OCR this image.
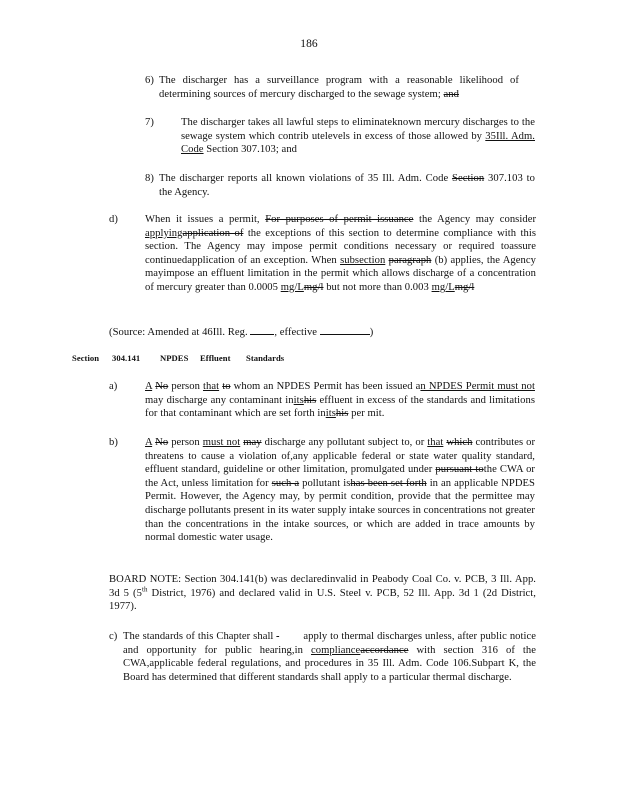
186
6) The discharger has a surveillance program with a reasonable likelihood of determining sources of mercury discharged to the sewage system; and
7)	The discharger takes all lawful steps to eliminateknown mercury discharges to the sewage system which contrib utelevels in excess of those allowed by 35Ill. Adm. Code Section 307.103; and
8) The discharger reports all known violations of 35 Ill. Adm. Code Section 307.103 to the Agency.
d)	When it issues a permit, For purposes of permit issuance the Agency may consider applyingapplication of the exceptions of this section to determine compliance with this section. The Agency may impose permit conditions necessary or required toassure continuedapplication of an exception. When subsection paragraph (b) applies, the Agency mayimpose an effluent limitation in the permit which allows discharge of a concentration of mercury greater than 0.0005 mg/Lmg/l but not more than 0.003 mg/Lmg/l
(Source: Amended at 46Ill. Reg.	, effective	)
Section 304.141 NPDES Effluent Standards
a)	A No person that to whom an NPDES Permit has been issued an NPDES Permit must not may discharge any contaminant initshis effluent in excess of the standards and limitations for that contaminant which are set forth initshis per mit.
b)	A No person must not may discharge any pollutant subject to, or that which contributes or threatens to cause a violation of,any applicable federal or state water quality standard, effluent standard, guideline or other limitation, promulgated under pursuant tothe CWA or the Act, unless limitation for such a pollutant ishas been set forth in an applicable NPDES Permit. However, the Agency may, by permit condition, provide that the permittee may discharge pollutants present in its water supply intake sources in concentrations not greater than the concentrations in the intake sources, or which are added in trace amounts by normal domestic water usage.
BOARD NOTE: Section 304.141(b) was declaredinvalid in Peabody Coal Co. v. PCB, 3 Ill. App. 3d 5 (5th District, 1976) and declared valid in U.S. Steel v. PCB, 52 Ill. App. 3d 1 (2d District, 1977).
c) The standards of this Chapter shall	apply to thermal discharges unless, after public notice and opportunity for public hearing,in complianceaccordance with section 316 of the CWA,applicable federal regulations, and procedures in 35 Ill. Adm. Code 106.Subpart K, the Board has determined that different standards shall apply to a particular thermal discharge.
